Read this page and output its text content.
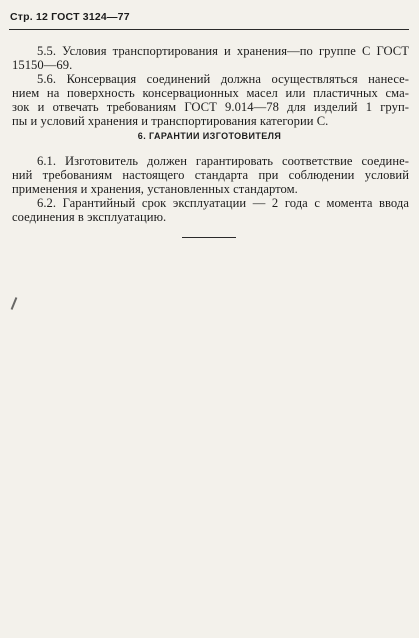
Стр. 12 ГОСТ 3124—77
5.5. Условия транспортирования и хранения—по группе С ГОСТ
15150—69.
5.6. Консервация соединений должна осуществляться нанесе-
нием на поверхность консервационных масел или пластичных сма-
зок и отвечать требованиям ГОСТ 9.014—78 для изделий 1 груп-
пы и условий хранения и транспортирования категории С.
6. ГАРАНТИИ ИЗГОТОВИТЕЛЯ
6.1. Изготовитель должен гарантировать соответствие соедине-
ний требованиям настоящего стандарта при соблюдении условий
применения и хранения, установленных стандартом.
6.2. Гарантийный срок эксплуатации — 2 года с момента ввода
соединения в эксплуатацию.
